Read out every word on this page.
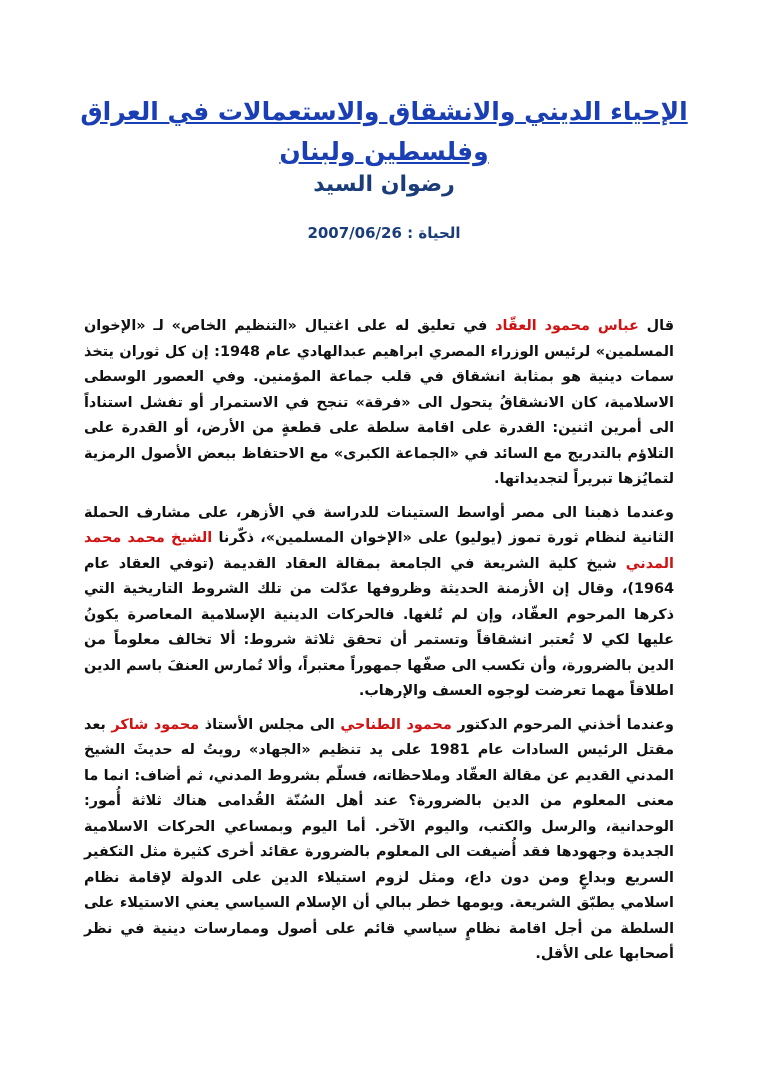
الإحياء الديني والانشقاق والاستعمالات في العراق وفلسطين ولبنان
رضوان السيد
الحياة : 2007/06/26

قال عباس محمود العقّاد في تعليق له على اغتيال «التنظيم الخاص» لـ «الإخوان المسلمين» لرئيس الوزراء المصري ابراهيم عبدالهادي عام 1948: إن كل ثوران يتخذ سمات دينية هو بمثابة انشقاق في قلب جماعة المؤمنين. وفي العصور الوسطى الاسلامية، كان الانشقاقُ يتحول الى «فرقة» تنجح في الاستمرار أو تفشل استناداً الى أمرين اثنين: القدرة على اقامة سلطة على قطعةٍ من الأرض، أو القدرة على التلاؤم بالتدريج مع السائد في «الجماعة الكبرى» مع الاحتفاظ ببعض الأصول الرمزية لتمايُزها تبريراً لتجديداتها.

وعندما ذهبنا الى مصر أواسط الستينات للدراسة في الأزهر، على مشارف الحملة الثانية لنظام ثورة تموز (يوليو) على «الإخوان المسلمين»، ذكّرنا الشيخ محمد محمد المدني شيخ كلية الشريعة في الجامعة بمقالة العقاد القديمة (توفي العقاد عام 1964)، وقال إن الأزمنة الحديثة وظروفها عدّلت من تلك الشروط التاريخية التي ذكرها المرحوم العقّاد، وإن لم تُلغها. فالحركات الدينية الإسلامية المعاصرة يكونُ عليها لكي لا تُعتبر انشقاقاً وتستمر أن تحقق ثلاثة شروط: ألا تخالف معلوماً من الدين بالضرورة، وأن تكسب الى صفّها جمهوراً معتبراً، وألا تُمارس العنفَ باسم الدين اطلاقاً مهما تعرضت لوجوه العسف والإرهاب.

وعندما أخذني المرحوم الدكتور محمود الطناحي الى مجلس الأستاذ محمود شاكر بعد مقتل الرئيس السادات عام 1981 على يد تنظيم «الجهاد» رويتُ له حديثَ الشيخ المدني القديم عن مقالة العقّاد وملاحظاته، فسلّم بشروط المدني، ثم أضاف: انما ما معنى المعلوم من الدين بالضرورة؟ عند أهل السُنّة القُدامى هناك ثلاثة أُمور: الوحدانية، والرسل والكتب، واليوم الآخر. أما اليوم وبمساعي الحركات الاسلامية الجديدة وجهودها فقد أُضيفت الى المعلوم بالضرورة عقائد أخرى كثيرة مثل التكفير السريع وبداعٍ ومن دون داع، ومثل لزوم استيلاء الدين على الدولة لإقامة نظام اسلامي يطبّق الشريعة. ويومها خطر ببالي أن الإسلام السياسي يعني الاستيلاء على السلطة من أجل اقامة نظامٍ سياسي قائم على أصول وممارسات دينية في نظر أصحابها على الأقل.
